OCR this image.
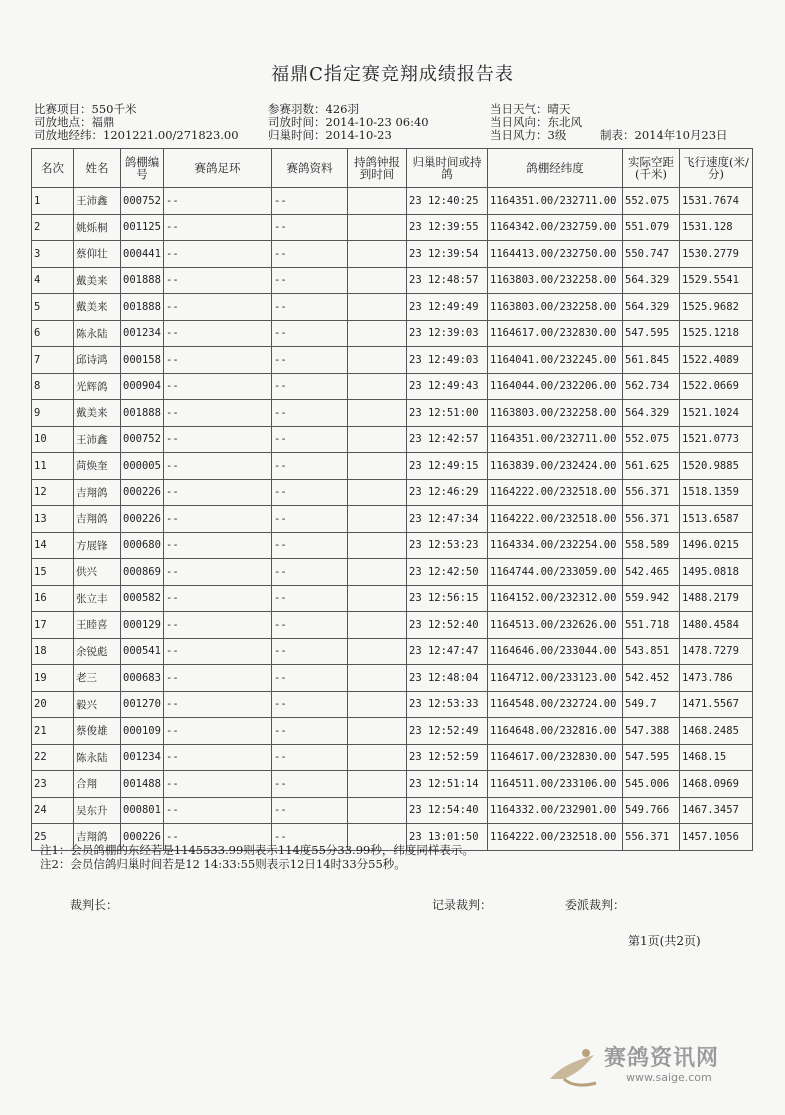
福鼎C指定赛竞翔成绩报告表
比赛项目：550千米
司放地点：福鼎
司放地经纬：1201221.00/271823.00
参赛羽数：426羽
司放时间：2014-10-23 06:40
归巢时间：2014-10-23
当日天气：晴天
当日风向：东北风
当日风力：3级	制表：2014年10月23日
名次	姓名	鸽棚编号	赛鸽足环	赛鸽资料	持鸽钟报到时间	归巢时间或持鸽	鸽棚经纬度	实际空距(千米)	飞行速度(米/分)
1	王沛鑫	000752	--	--		23 12:40:25	1164351.00/232711.00	552.075	1531.7674
2	姚烁桐	001125	--	--		23 12:39:55	1164342.00/232759.00	551.079	1531.128
3	蔡仰壮	000441	--	--		23 12:39:54	1164413.00/232750.00	550.747	1530.2779
4	戴美来	001888	--	--		23 12:48:57	1163803.00/232258.00	564.329	1529.5541
5	戴美来	001888	--	--		23 12:49:49	1163803.00/232258.00	564.329	1525.9682
6	陈永陆	001234	--	--		23 12:39:03	1164617.00/232830.00	547.595	1525.1218
7	邱诗鸿	000158	--	--		23 12:49:03	1164041.00/232245.00	561.845	1522.4089
8	光辉鸽	000904	--	--		23 12:49:43	1164044.00/232206.00	562.734	1522.0669
9	戴美来	001888	--	--		23 12:51:00	1163803.00/232258.00	564.329	1521.1024
10	王沛鑫	000752	--	--		23 12:42:57	1164351.00/232711.00	552.075	1521.0773
11	苘焕奎	000005	--	--		23 12:49:15	1163839.00/232424.00	561.625	1520.9885
12	吉翔鸽	000226	--	--		23 12:46:29	1164222.00/232518.00	556.371	1518.1359
13	吉翔鸽	000226	--	--		23 12:47:34	1164222.00/232518.00	556.371	1513.6587
14	方展锋	000680	--	--		23 12:53:23	1164334.00/232254.00	558.589	1496.0215
15	供兴	000869	--	--		23 12:42:50	1164744.00/233059.00	542.465	1495.0818
16	张立丰	000582	--	--		23 12:56:15	1164152.00/232312.00	559.942	1488.2179
17	王睦喜	000129	--	--		23 12:52:40	1164513.00/232626.00	551.718	1480.4584
18	余锐彪	000541	--	--		23 12:47:47	1164646.00/233044.00	543.851	1478.7279
19	老三	000683	--	--		23 12:48:04	1164712.00/233123.00	542.452	1473.786
20	毅兴	001270	--	--		23 12:53:33	1164548.00/232724.00	549.7	1471.5567
21	蔡俊雄	000109	--	--		23 12:52:49	1164648.00/232816.00	547.388	1468.2485
22	陈永陆	001234	--	--		23 12:52:59	1164617.00/232830.00	547.595	1468.15
23	合翔	001488	--	--		23 12:51:14	1164511.00/233106.00	545.006	1468.0969
24	吴东升	000801	--	--		23 12:54:40	1164332.00/232901.00	549.766	1467.3457
25	吉翔鸽	000226	--	--		23 13:01:50	1164222.00/232518.00	556.371	1457.1056
注1：会员鸽棚的东经若是1145533.99则表示114度55分33.99秒，纬度同样表示。
注2：会员信鸽归巢时间若是12 14:33:55则表示12日14时33分55秒。
裁判长：	记录裁判：	委派裁判：
第1页(共2页)
赛鸽资讯网
www.saige.com
